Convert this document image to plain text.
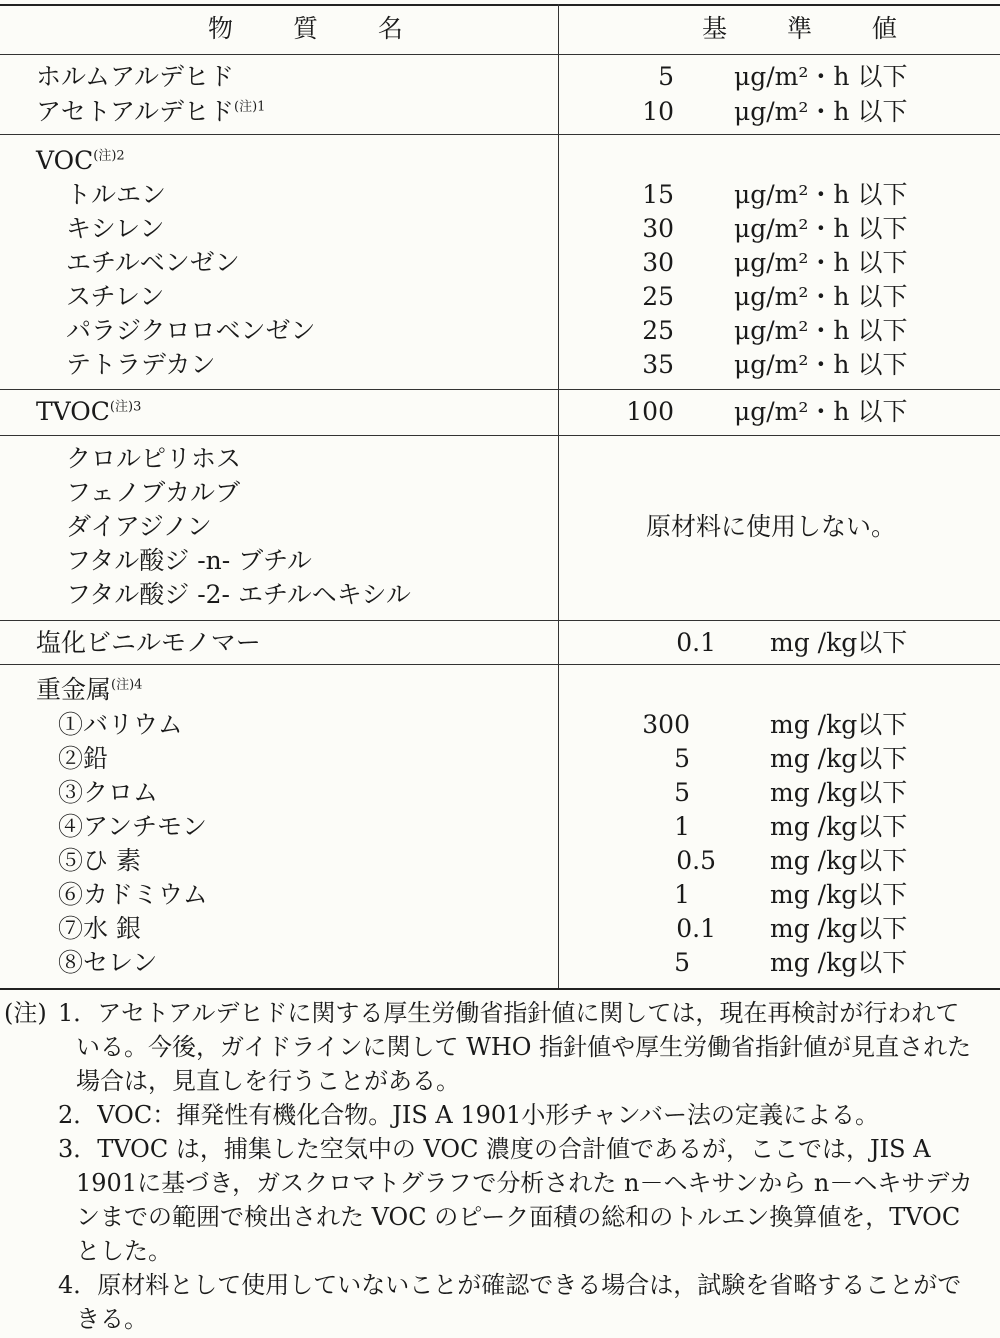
物 質 名	基 準 値
ホルムアルデヒド	5 μg/m²・h 以下
アセトアルデヒド$^{(注)1}$	10 μg/m²・h 以下
$VOC^{(注)2}$
トルエン	15 μg/m²・h 以下
キシレン	30 μg/m²・h 以下
エチルベンゼン	30 μg/m²・h 以下
スチレン	25 μg/m²・h 以下
パラジクロロベンゼン	25 μg/m²・h 以下
テトラデカン	35 μg/m²・h 以下
$TVOC^{(注)3}$	100 μg/m²・h 以下
クロルピリホス
フェノブカルブ
ダイアジノン
フタル酸ジ -n- ブチル
フタル酸ジ -2- エチルヘキシル
原材料に使用しない。
塩化ビニルモノマー	0.1 mg /kg以下
重金属$^{(注)4}$
①バリウム	300	mg /kg以下
②鉛	5	mg /kg以下
③クロム	5	mg /kg以下
④アンチモン	1	mg /kg以下
⑤ひ 素	0.5 mg /kg以下
⑥カドミウム	1	mg /kg以下
⑦水 銀	0.1 mg /kg以下
⑧セレン	5	mg /kg以下
(注) 1．アセトアルデヒドに関する厚生労働省指針値に関しては，現在再検討が行われて
いる。今後，ガイドラインに関して WHO 指針値や厚生労働省指針値が見直された
場合は，見直しを行うことがある。
2．VOC：揮発性有機化合物。JIS A 1901小形チャンバー法の定義による。
3．TVOC は，捕集した空気中の VOC 濃度の合計値であるが，ここでは，JIS A
1901に基づき，ガスクロマトグラフで分析された n－ヘキサンから n－ヘキサデカ
ンまでの範囲で検出された VOC のピーク面積の総和のトルエン換算値を，TVOC
とした。
4．原材料として使用していないことが確認できる場合は，試験を省略することがで
きる。
